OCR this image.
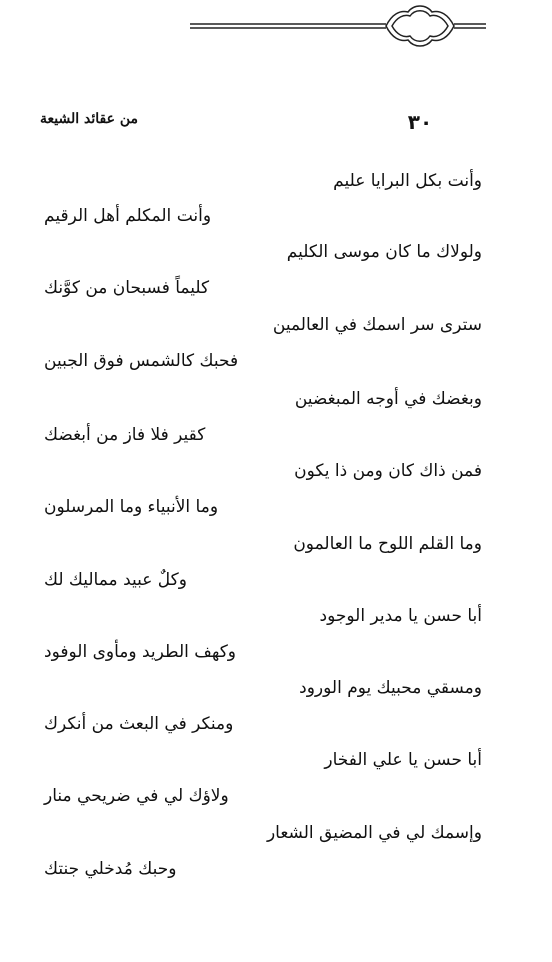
٣٠
من عقائد الشيعة
وأنت بكل البرايا عليم
وأنت المكلم أهل الرقيم
ولولاك ما كان موسى الكليم
كليماً فسبحان من كوَّنك
سترى سر اسمك في العالمين
فحبك كالشمس فوق الجبين
وبغضك في أوجه المبغضين
كقير فلا فاز من أبغضك
فمن ذاك كان ومن ذا يكون
وما الأنبياء وما المرسلون
وما القلم اللوح ما العالمون
وكلٌ عبيد ممالیك لك
أبا حسن يا مدير الوجود
وكهف الطريد ومأوى الوفود
ومسقي محبيك يوم الورود
ومنكر في البعث من أنكرك
أبا حسن يا علي الفخار
ولاؤك لي في ضريحي منار
وإسمك لي في المضيق الشعار
وحبك مُدخلي جنتك
